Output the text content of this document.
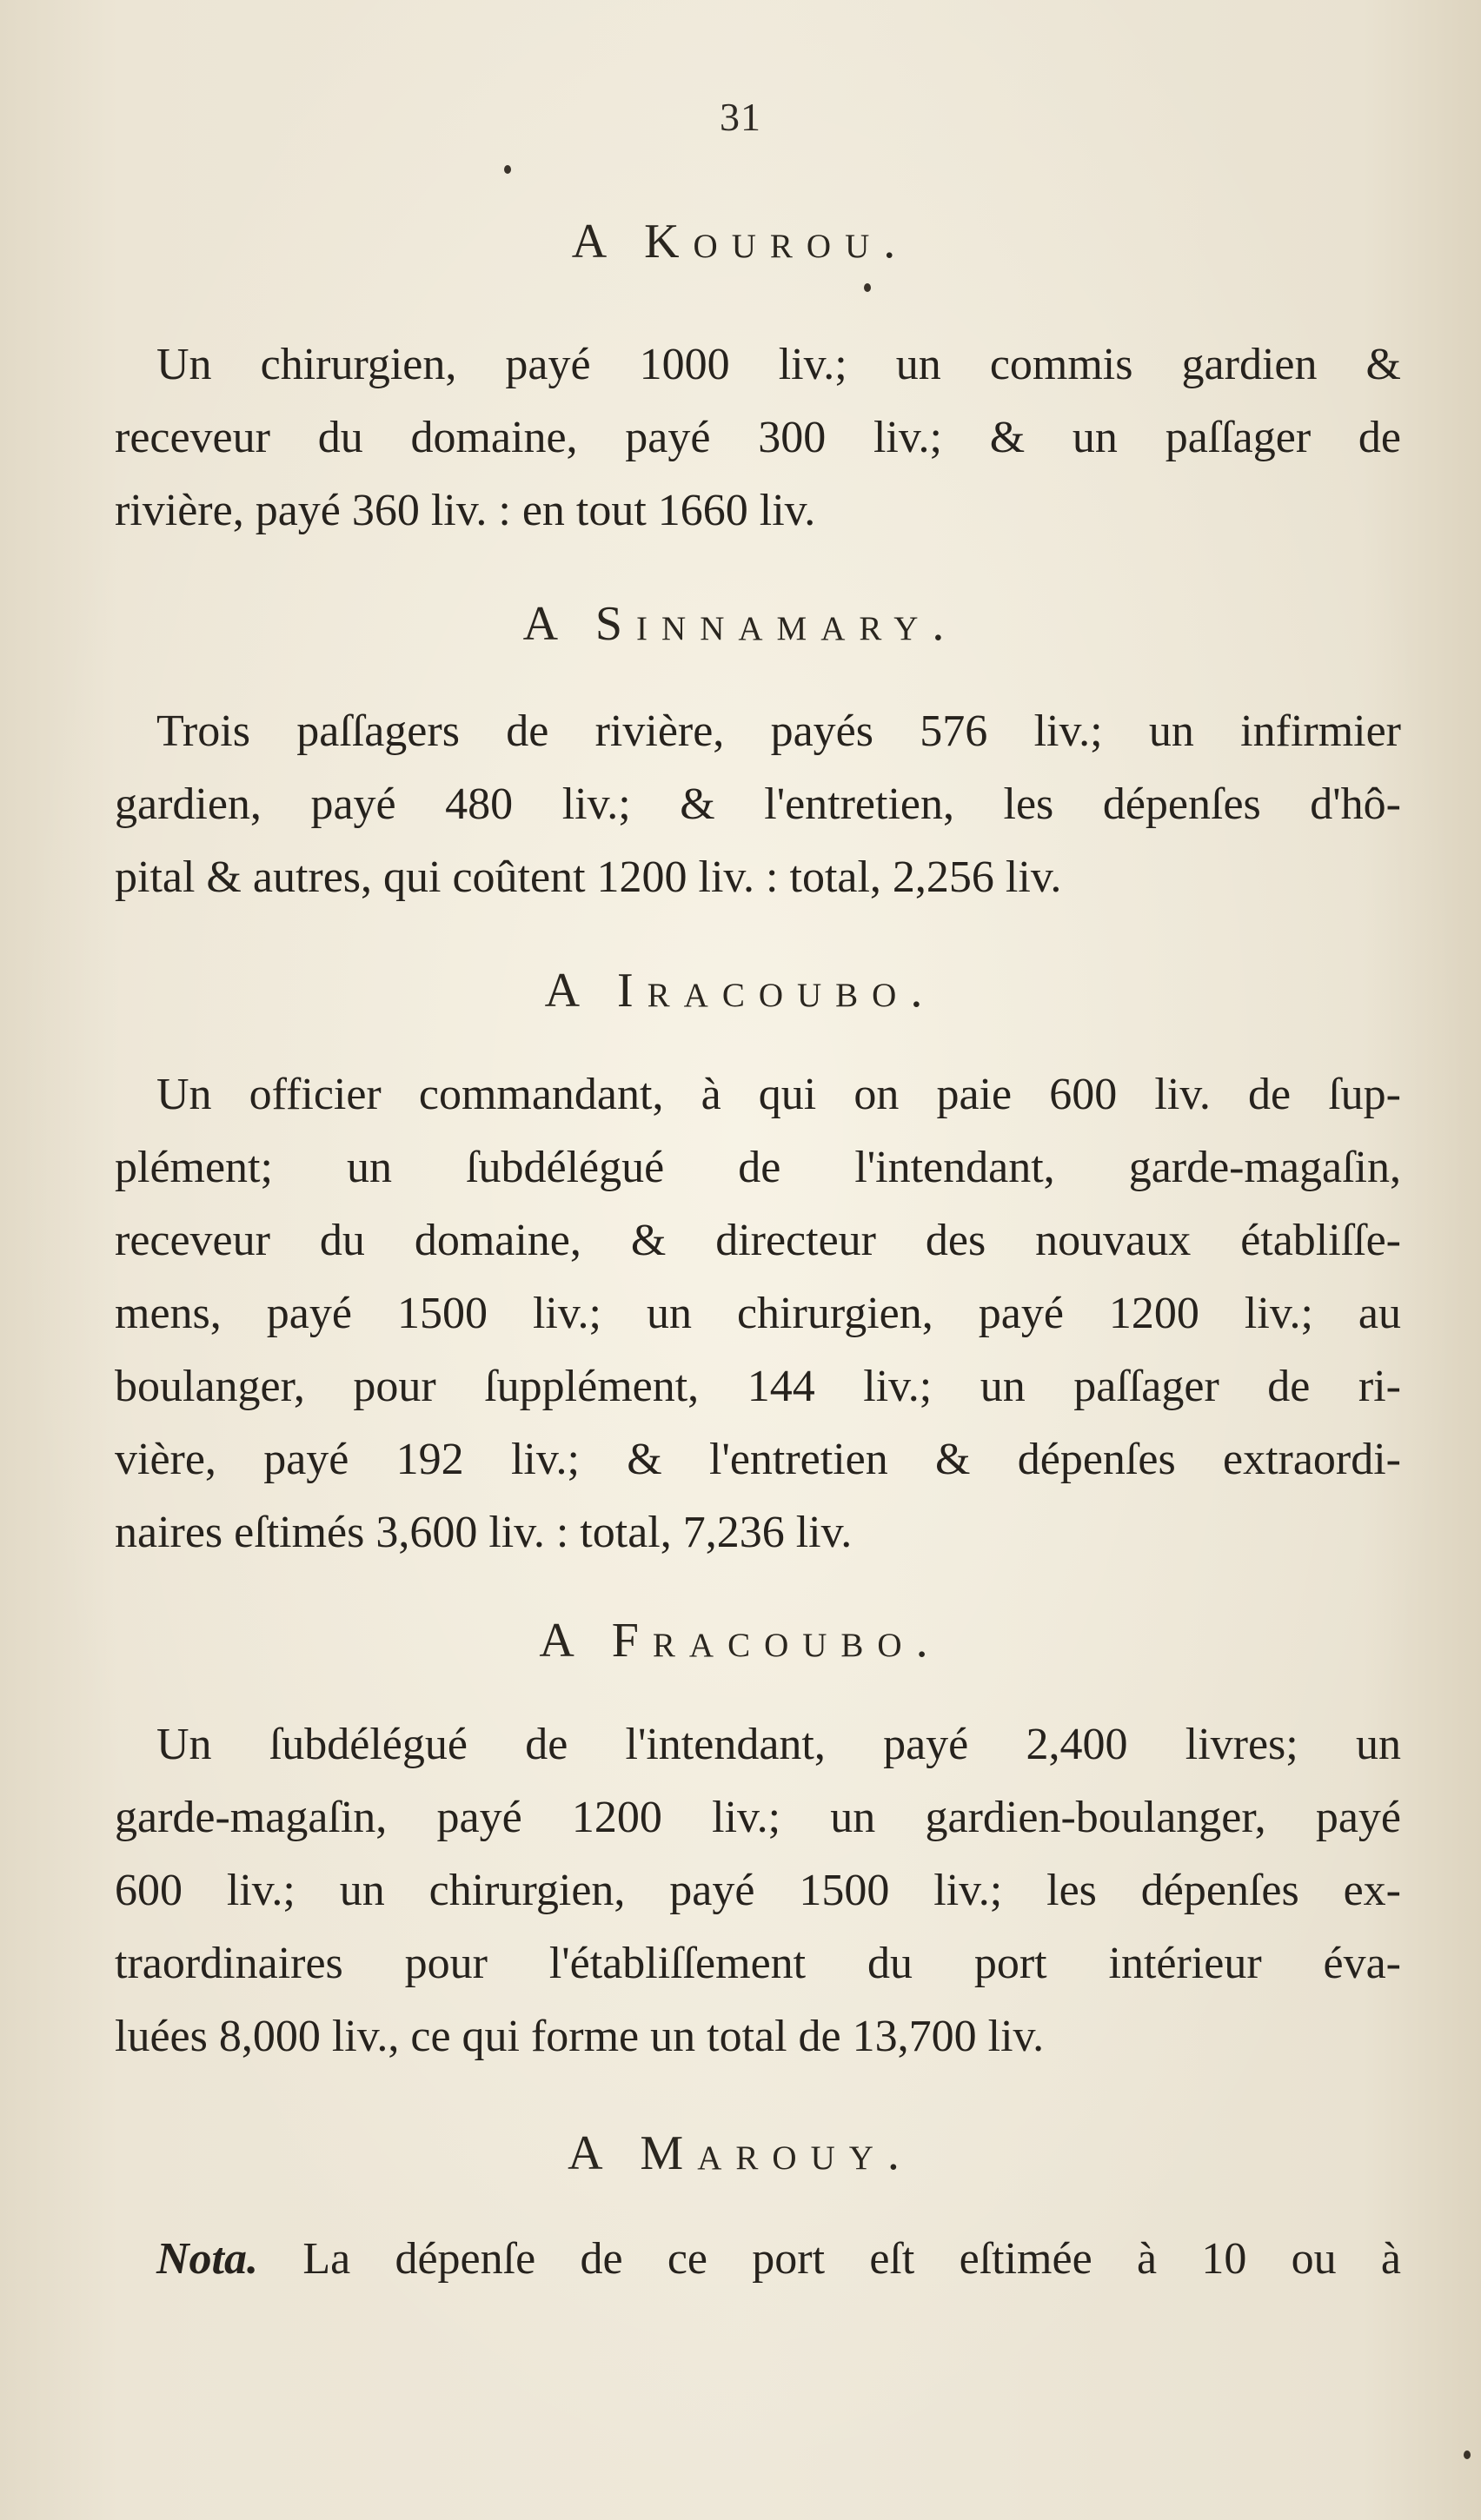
31
A Kourou.
Un chirurgien, payé 1000 liv.; un commis gardien &
receveur du domaine, payé 300 liv.; & un paſſager de
rivière, payé 360 liv. : en tout 1660 liv.
A Sinnamary.
Trois paſſagers de rivière, payés 576 liv.; un infirmier
gardien, payé 480 liv.; & l'entretien, les dépenſes d'hô-
pital & autres, qui coûtent 1200 liv. : total, 2,256 liv.
A Iracoubo.
Un officier commandant, à qui on paie 600 liv. de ſup-
plément; un ſubdélégué de l'intendant, garde-magaſin,
receveur du domaine, & directeur des nouvaux établiſſe-
mens, payé 1500 liv.; un chirurgien, payé 1200 liv.; au
boulanger, pour ſupplément, 144 liv.; un paſſager de ri-
vière, payé 192 liv.; & l'entretien & dépenſes extraordi-
naires eſtimés 3,600 liv. : total, 7,236 liv.
A Fracoubo.
Un ſubdélégué de l'intendant, payé 2,400 livres; un
garde-magaſin, payé 1200 liv.; un gardien-boulanger, payé
600 liv.; un chirurgien, payé 1500 liv.; les dépenſes ex-
traordinaires pour l'établiſſement du port intérieur éva-
luées 8,000 liv., ce qui forme un total de 13,700 liv.
A Marouy.
Nota. La dépenſe de ce port eſt eſtimée à 10 ou à
